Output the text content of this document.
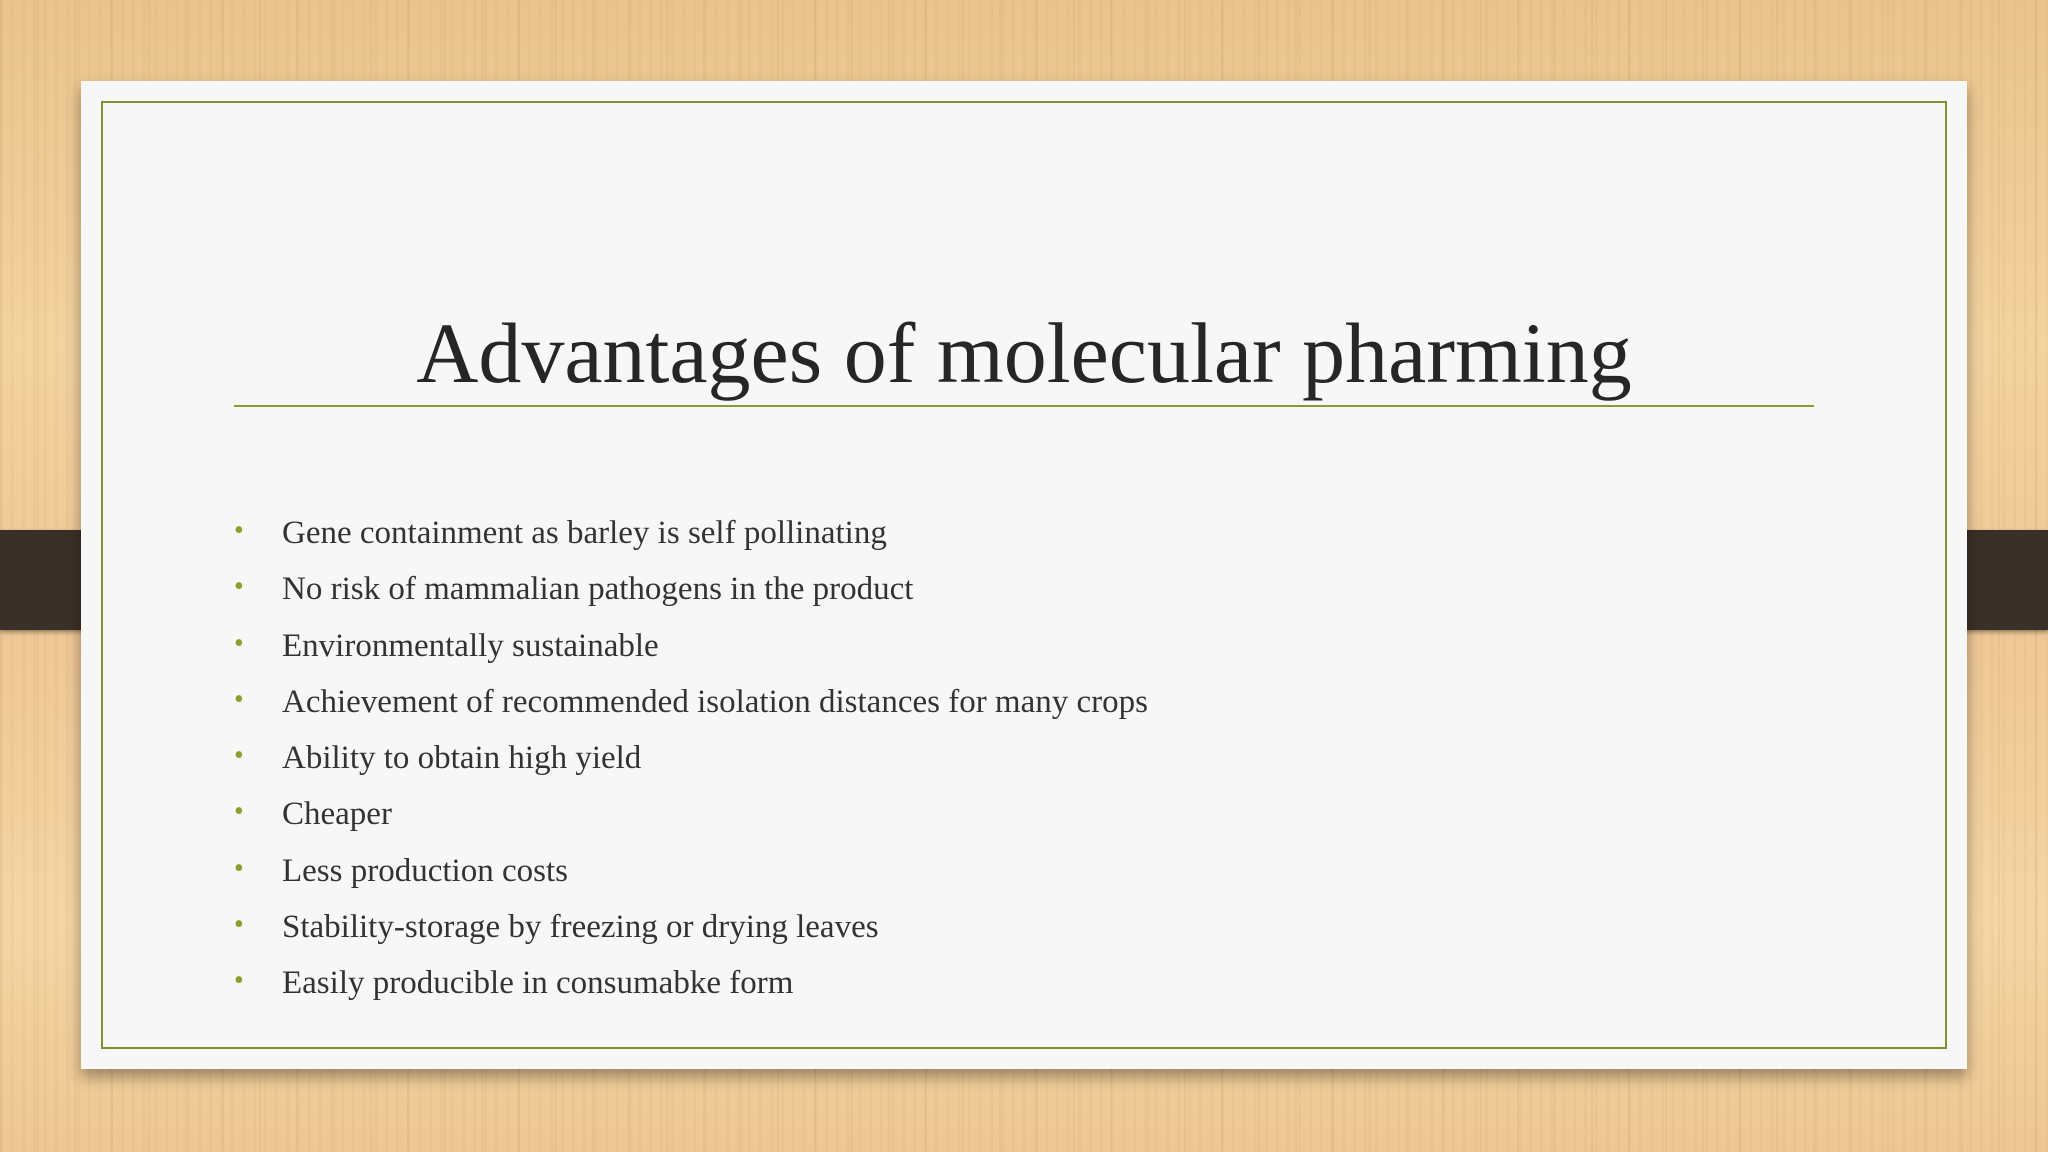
Advantages of molecular pharming
•	Gene containment as barley is self pollinating
•	No risk of mammalian pathogens in the product
•	Environmentally sustainable
•	Achievement of recommended isolation distances for many crops
•	Ability to obtain high yield
•	Cheaper
•	Less production costs
•	Stability-storage by freezing or drying leaves
•	Easily producible in consumabke form
